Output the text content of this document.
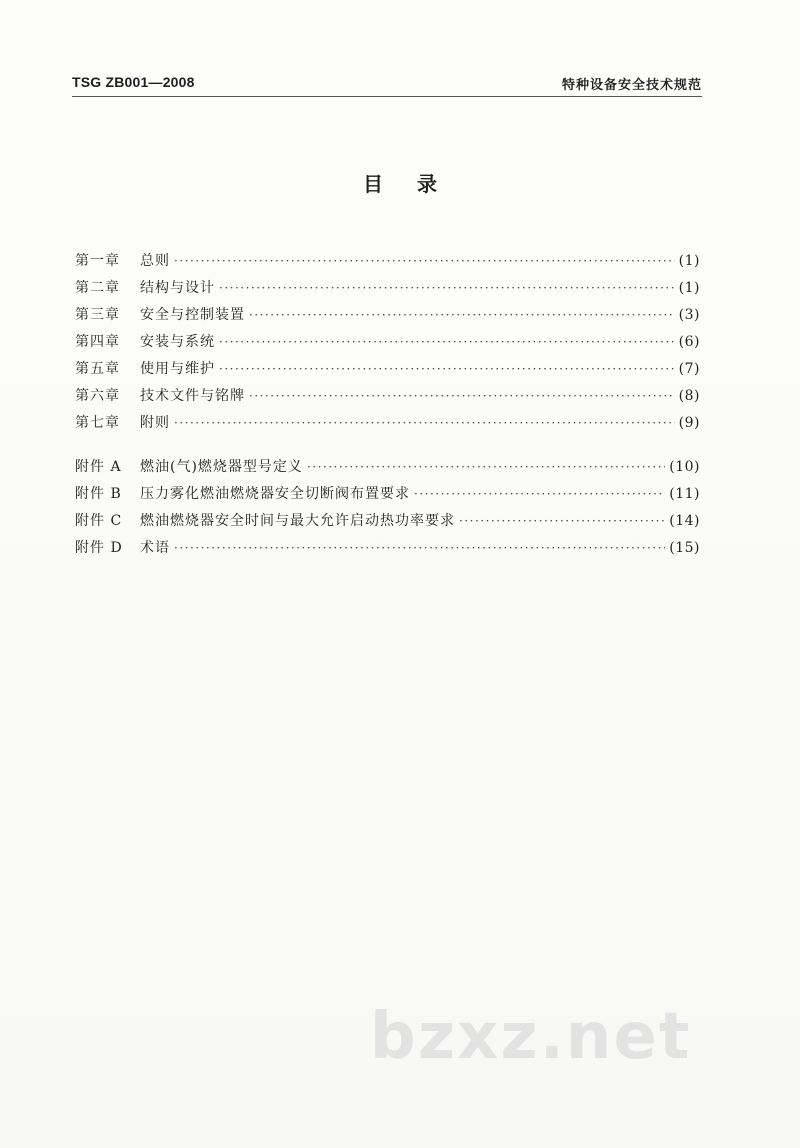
TSG ZB001—2008	特种设备安全技术规范
目录
第一章	总则 ·····	(1)
第二章	结构与设计 ·····	(1)
第三章	安全与控制装置 ·····	(3)
第四章	安装与系统 ·····	(6)
第五章	使用与维护 ·····	(7)
第六章	技术文件与铭牌 ·····	(8)
第七章	附则 ·····	(9)
附件 A	燃油(气)燃烧器型号定义 ·····	(10)
附件 B	压力雾化燃油燃烧器安全切断阀布置要求 ·····	(11)
附件 C	燃油燃烧器安全时间与最大允许启动热功率要求 ·····	(14)
附件 D	术语 ·····	(15)
bzxz.net
